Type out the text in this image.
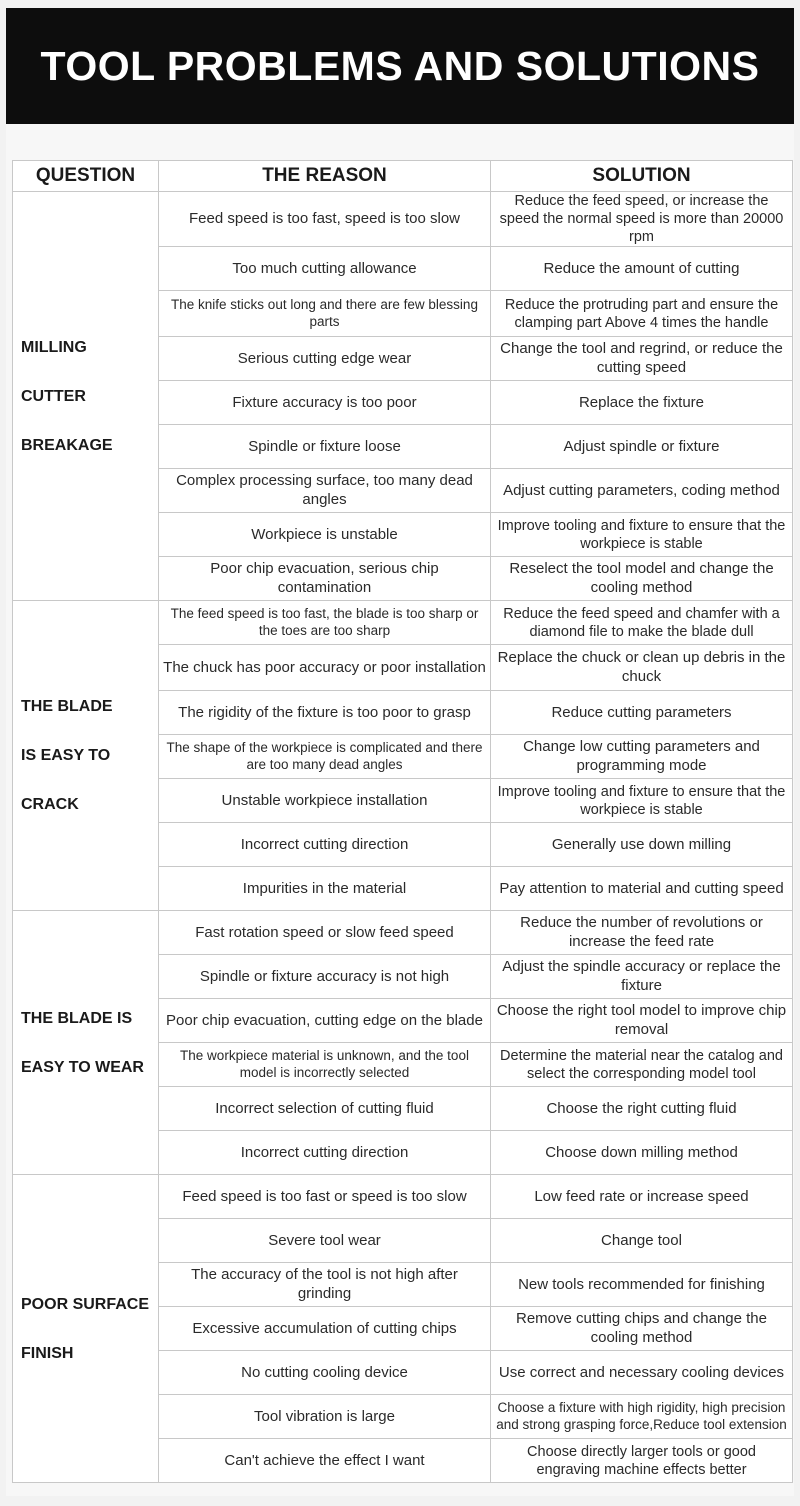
TOOL PROBLEMS AND SOLUTIONS
QUESTION	THE REASON	SOLUTION

MILLING
CUTTER
BREAKAGE	Feed speed is too fast, speed is too slow	Reduce the feed speed, or increase the speed the normal speed is more than 20000 rpm
	Too much cutting allowance	Reduce the amount of cutting
	The knife sticks out long and there are few blessing parts	Reduce the protruding part and ensure the clamping part Above 4 times the handle
	Serious cutting edge wear	Change the tool and regrind, or reduce the cutting speed
	Fixture accuracy is too poor	Replace the fixture
	Spindle or fixture loose	Adjust spindle or fixture
	Complex processing surface, too many dead angles	Adjust cutting parameters, coding method
	Workpiece is unstable	Improve tooling and fixture to ensure that the workpiece is stable
	Poor chip evacuation, serious chip contamination	Reselect the tool model and change the cooling method

THE BLADE
IS EASY TO
CRACK	The feed speed is too fast, the blade is too sharp or the toes are too sharp	Reduce the feed speed and chamfer with a diamond file to make the blade dull
	The chuck has poor accuracy or poor installation	Replace the chuck or clean up debris in the chuck
	The rigidity of the fixture is too poor to grasp	Reduce cutting parameters
	The shape of the workpiece is complicated and there are too many dead angles	Change low cutting parameters and programming mode
	Unstable workpiece installation	Improve tooling and fixture to ensure that the workpiece is stable
	Incorrect cutting direction	Generally use down milling
	Impurities in the material	Pay attention to material and cutting speed

THE BLADE IS
EASY TO WEAR	Fast rotation speed or slow feed speed	Reduce the number of revolutions or increase the feed rate
	Spindle or fixture accuracy is not high	Adjust the spindle accuracy or replace the fixture
	Poor chip evacuation, cutting edge on the blade	Choose the right tool model to improve chip removal
	The workpiece material is unknown, and the tool model is incorrectly selected	Determine the material near the catalog and select the corresponding model tool
	Incorrect selection of cutting fluid	Choose the right cutting fluid
	Incorrect cutting direction	Choose down milling method

POOR SURFACE
FINISH	Feed speed is too fast or speed is too slow	Low feed rate or increase speed
	Severe tool wear	Change tool
	The accuracy of the tool is not high after grinding	New tools recommended for finishing
	Excessive accumulation of cutting chips	Remove cutting chips and change the cooling method
	No cutting cooling device	Use correct and necessary cooling devices
	Tool vibration is large	Choose a fixture with high rigidity, high precision and strong grasping force,Reduce tool extension
	Can't achieve the effect I want	Choose directly larger tools or good engraving machine effects better
